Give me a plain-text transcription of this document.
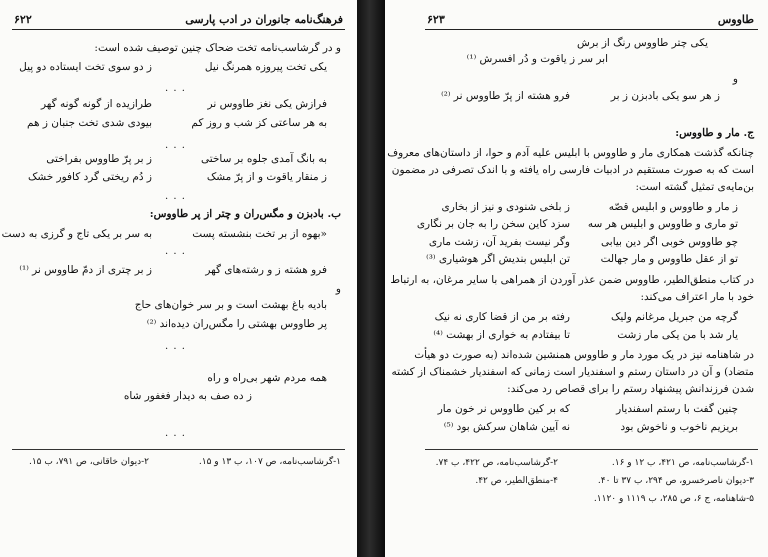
۶۲۲	فرهنگ‌نامه جانوران در ادب پارسی
و در گرشاسب‌نامه تخت ضحاک چنین توصیف شده است:
یکی تخت پیروزه همرنگ نیل
ز دو سوی تخت ایستاده دو پیل
فرازش یکی نغز طاووس نر
طرازیده از گونه گونه گهر
به هر ساعتی کز شب و روز کم
بیودی شدی تخت جنبان ز هم
به بانگ آمدی جلوه بر ساختی
ز بر پرّ طاووس بفراختی
ز منقار یاقوت و از پرّ مشک
ز دُم ریختی گرد کافور خشک
. . .
. . .
. . .
ب. بادبزن و مگس‌ران و چتر از پر طاووس:
«بهوه از بر تخت بنشسته پست
به سر بر یکی تاج و گرزی به دست
فرو هشته ز و رشته‌های گهر
ز بر چتری از دمّ طاووس نر ⁽¹⁾
. . .
و
بادیه باغ بهشت است و بر سر خوان‌های حاج
پر طاووس بهشتی را مگس‌ران دیده‌اند ⁽²⁾
. . .
همه مردم شهر بی‌راه و راه
ز ده صف به دیدار فغفور شاه
. . .
۱-گرشاسب‌نامه، ص ۱۰۷، ب ۱۳ و ۱۵.
۲-دیوان خاقانی، ص ۷۹۱، ب ۱۵.
۶۲۳	طاووس
یکی چتر طاووس رنگ از برش
ابر سر ز یاقوت و دُر افسرش ⁽¹⁾
و
ز هر سو یکی بادبزن ز بر
فرو هشته از پرّ طاووس نر ⁽²⁾
ج. مار و طاووس:
چنانکه گذشت همکاری مار و طاووس با ابلیس علیه آدم و حوا، از داستان‌های معروف
است که به صورت مستقیم در ادبیات فارسی راه یافته و با اندک تصرفی در مضمون
بن‌مایه‌ی تمثیل گشته است:
ز مار و طاووس و ابلیس قصّه
ز بلخی شنودی و نیز از بخاری
تو ماری و طاووس و ابلیس هر سه
سزد کاین سخن را به جان بر نگاری
چو طاووس خوبی اگر دین بیابی
وگر نیست بفرید آن، زشت ماری
تو از عقل طاووس و مار جهالت
تن ابلیس بندیش اگر هوشیاری ⁽³⁾
در کتاب منطق‌الطیر، طاووس ضمن عذر آوردن از همراهی با سایر مرغان، به ارتباط
خود با مار اعتراف می‌کند:
گرچه من جبریل مرغانم ولیک
رفته بر من از قضا کاری نه نیک
یار شد با من یکی مار زشت
تا بیفتادم به خواری از بهشت ⁽⁴⁾
در شاهنامه نیز در یک مورد مار و طاووس همنشین شده‌اند (به صورت دو هیأت
متضاد) و آن در داستان رستم و اسفندیار است زمانی که اسفندیار خشمناک از کشته
شدن فرزندانش پیشنهاد رستم را برای قصاص رد می‌کند:
چنین گفت با رستم اسفندیار
که بر کین طاووس نر خون مار
بریزیم ناخوب و ناخوش بود
نه آیین شاهان سرکش بود ⁽⁵⁾
۱-گرشاسب‌نامه، ص ۴۲۱، ب ۱۲ و ۱۶.
۲-گرشاسب‌نامه، ص ۴۲۲، ب ۷۴.
۳-دیوان ناصرخسرو، ص ۲۹۴، ب ۳۷ تا ۴۰.
۴-منطق‌الطیر، ص ۴۲.
۵-شاهنامه، ج ۶، ص ۲۸۵، ب ۱۱۱۹ و ۱۱۲۰.
